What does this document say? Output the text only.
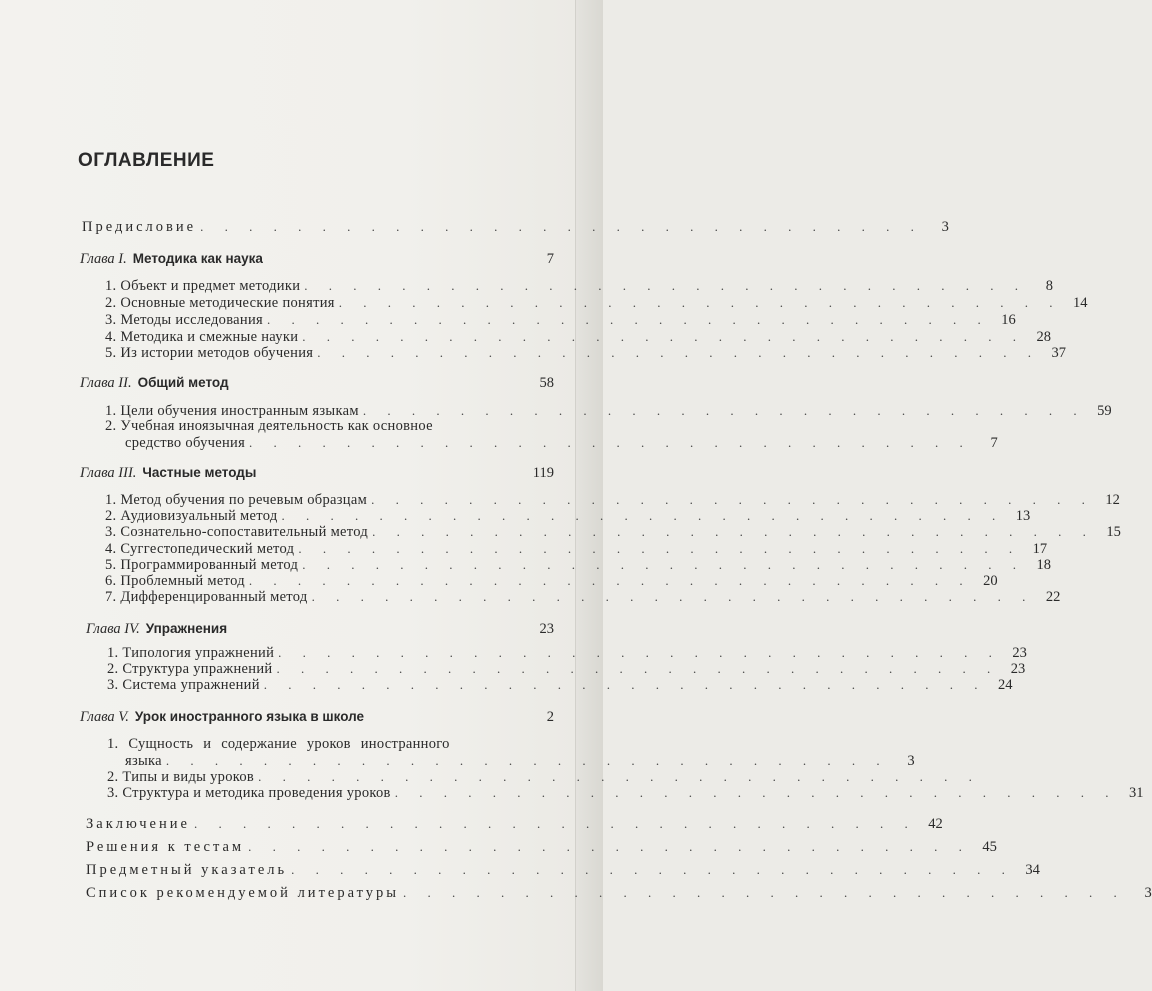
ОГЛАВЛЕНИЕ
Предисловие . . . . . . . . . . . . . . . . . . . . . . . . . . . . . .	3
Глава I. Методика как наука	7
1. Объект и предмет методики . . . . . . . . . . . . . . . . . . . . . . . . . . . . . .	8
2. Основные методические понятия . . . . . . . . . . . . . . . . . . . . . . . . . . . . . . 14
3. Методы исследования . . . . . . . . . . . . . . . . . . . . . . . . . . . . . . 16
4. Методика и смежные науки . . . . . . . . . . . . . . . . . . . . . . . . . . . . . . 28
5. Из истории методов обучения . . . . . . . . . . . . . . . . . . . . . . . . . . . . . . 37
Глава II. Общий метод	58
1. Цели обучения иностранным языкам . . . . . . . . . . . . . . . . . . . . . . . . . . . . . . 59
2. Учебная иноязычная деятельность как основное
средство обучения . . . . . . . . . . . . . . . . . . . . . . . . . . . . . .	7
Глава III. Частные методы	119
1. Метод обучения по речевым образцам . . . . . . . . . . . . . . . . . . . . . . . . . . . . . . 12
2. Аудиовизуальный метод . . . . . . . . . . . . . . . . . . . . . . . . . . . . . . 13
3. Сознательно-сопоставительный метод . . . . . . . . . . . . . . . . . . . . . . . . . . . . . . 15
4. Суггестопедический метод . . . . . . . . . . . . . . . . . . . . . . . . . . . . . . 17
5. Программированный метод . . . . . . . . . . . . . . . . . . . . . . . . . . . . . . 18
6. Проблемный метод . . . . . . . . . . . . . . . . . . . . . . . . . . . . . . 20
7. Дифференцированный метод . . . . . . . . . . . . . . . . . . . . . . . . . . . . . . 22
Глава IV. Упражнения	23
1. Типология упражнений . . . . . . . . . . . . . . . . . . . . . . . . . . . . . . 23
2. Структура упражнений . . . . . . . . . . . . . . . . . . . . . . . . . . . . . . 23
3. Система упражнений . . . . . . . . . . . . . . . . . . . . . . . . . . . . . . 24
Глава V. Урок иностранного языка в школе	2
1. Сущность и содержание уроков иностранного
языка . . . . . . . . . . . . . . . . . . . . . . . . . . . . . .	3
2. Типы и виды уроков . . . . . . . . . . . . . . . . . . . . . . . . . . . . . .
3. Структура и методика проведения уроков . . . . . . . . . . . . . . . . . . . . . . . . . . . . . . 31
Заключение . . . . . . . . . . . . . . . . . . . . . . . . . . . . . . 42
Решения к тестам . . . . . . . . . . . . . . . . . . . . . . . . . . . . . . 45
Предметный указатель . . . . . . . . . . . . . . . . . . . . . . . . . . . . . . 34
Список рекомендуемой литературы . . . . . . . . . . . . . . . . . . . . . . . . . . . . . .	3
